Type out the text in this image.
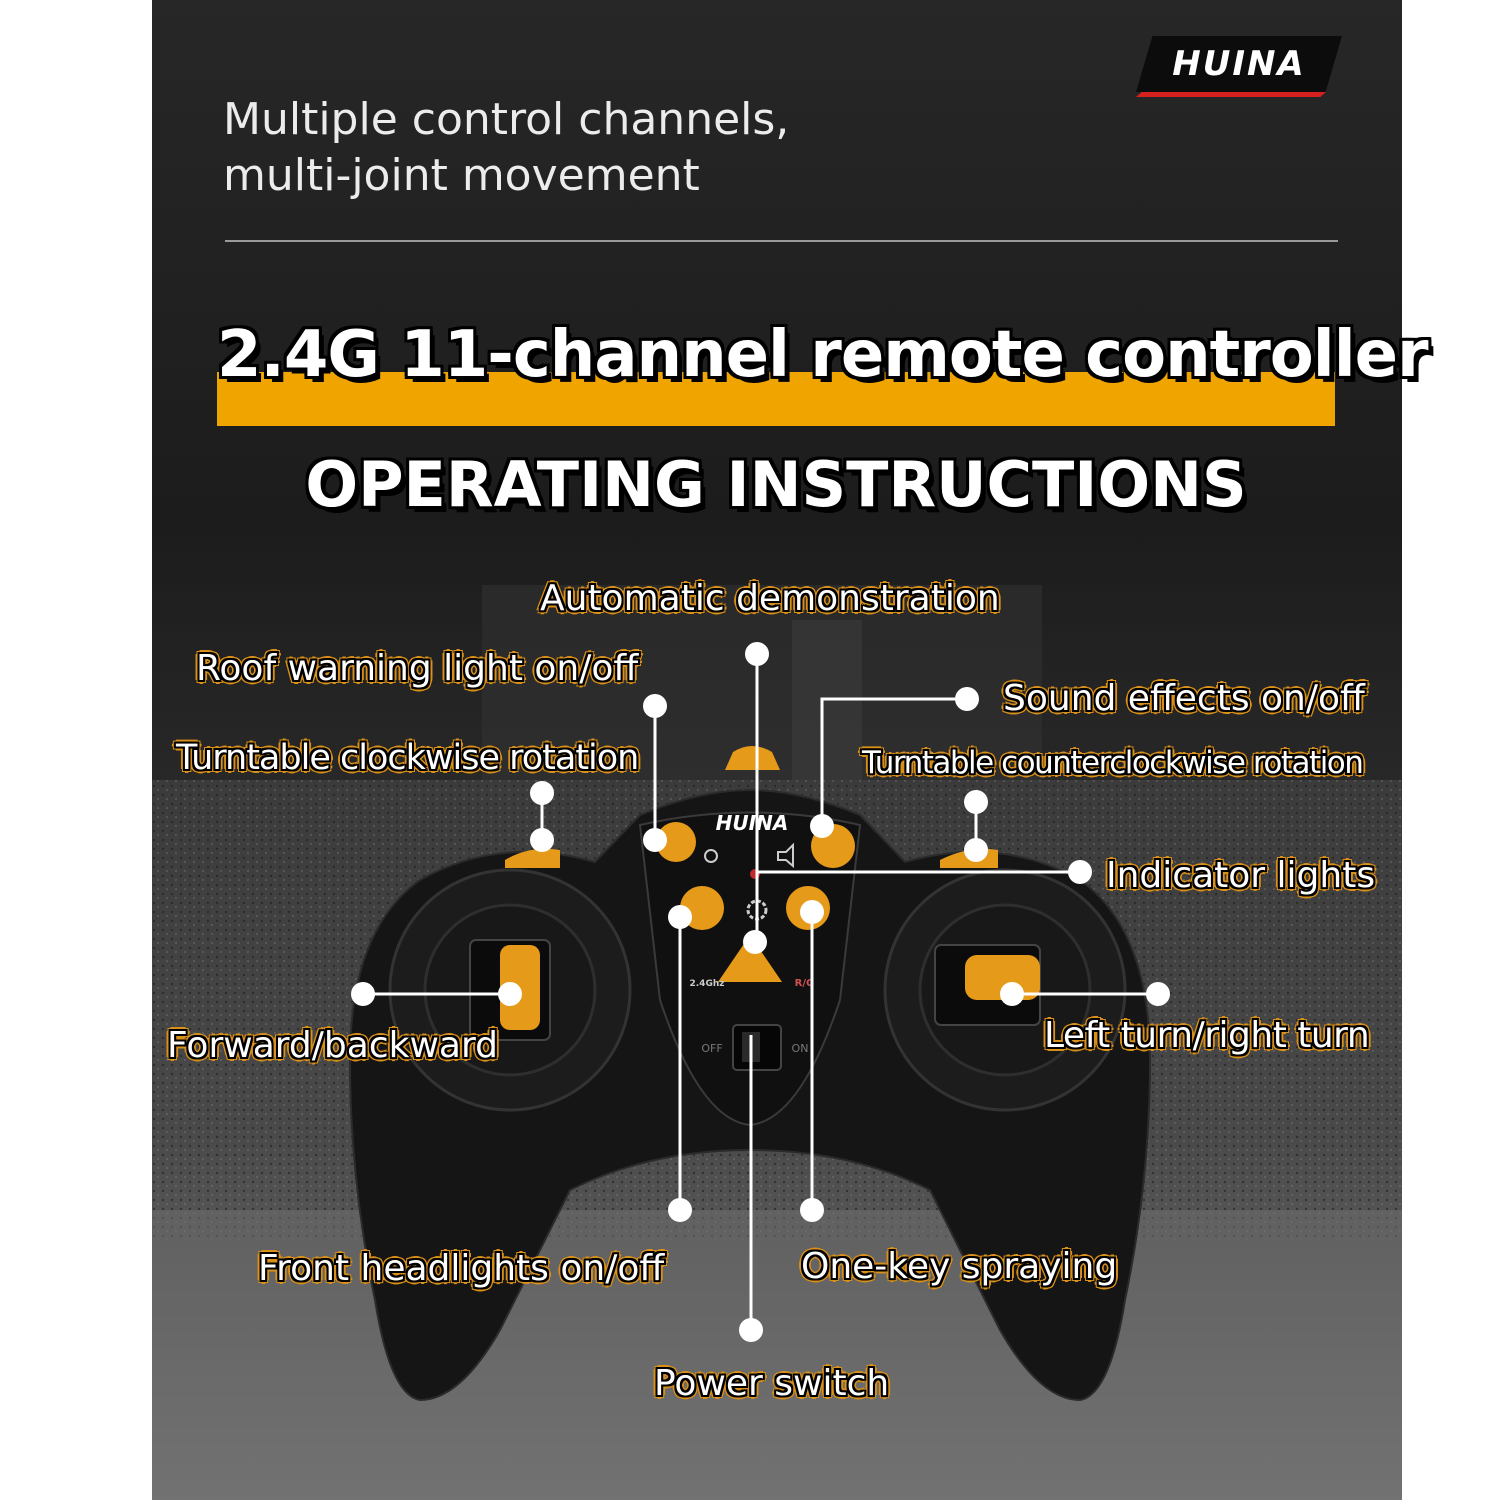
Multiple control channels,
multi-joint movement

HUINA
2.4G 11-channel remote controller
OPERATING INSTRUCTIONS
HUINA
2.4Ghz	R/C
OFF	ON
Automatic demonstration
Roof warning light on/off
Sound effects on/off
Turntable clockwise rotation	Turntable counterclockwise rotation
Indicator lights
Forward/backward	Left turn/right turn
Front headlights on/off	One-key spraying
Power switch
